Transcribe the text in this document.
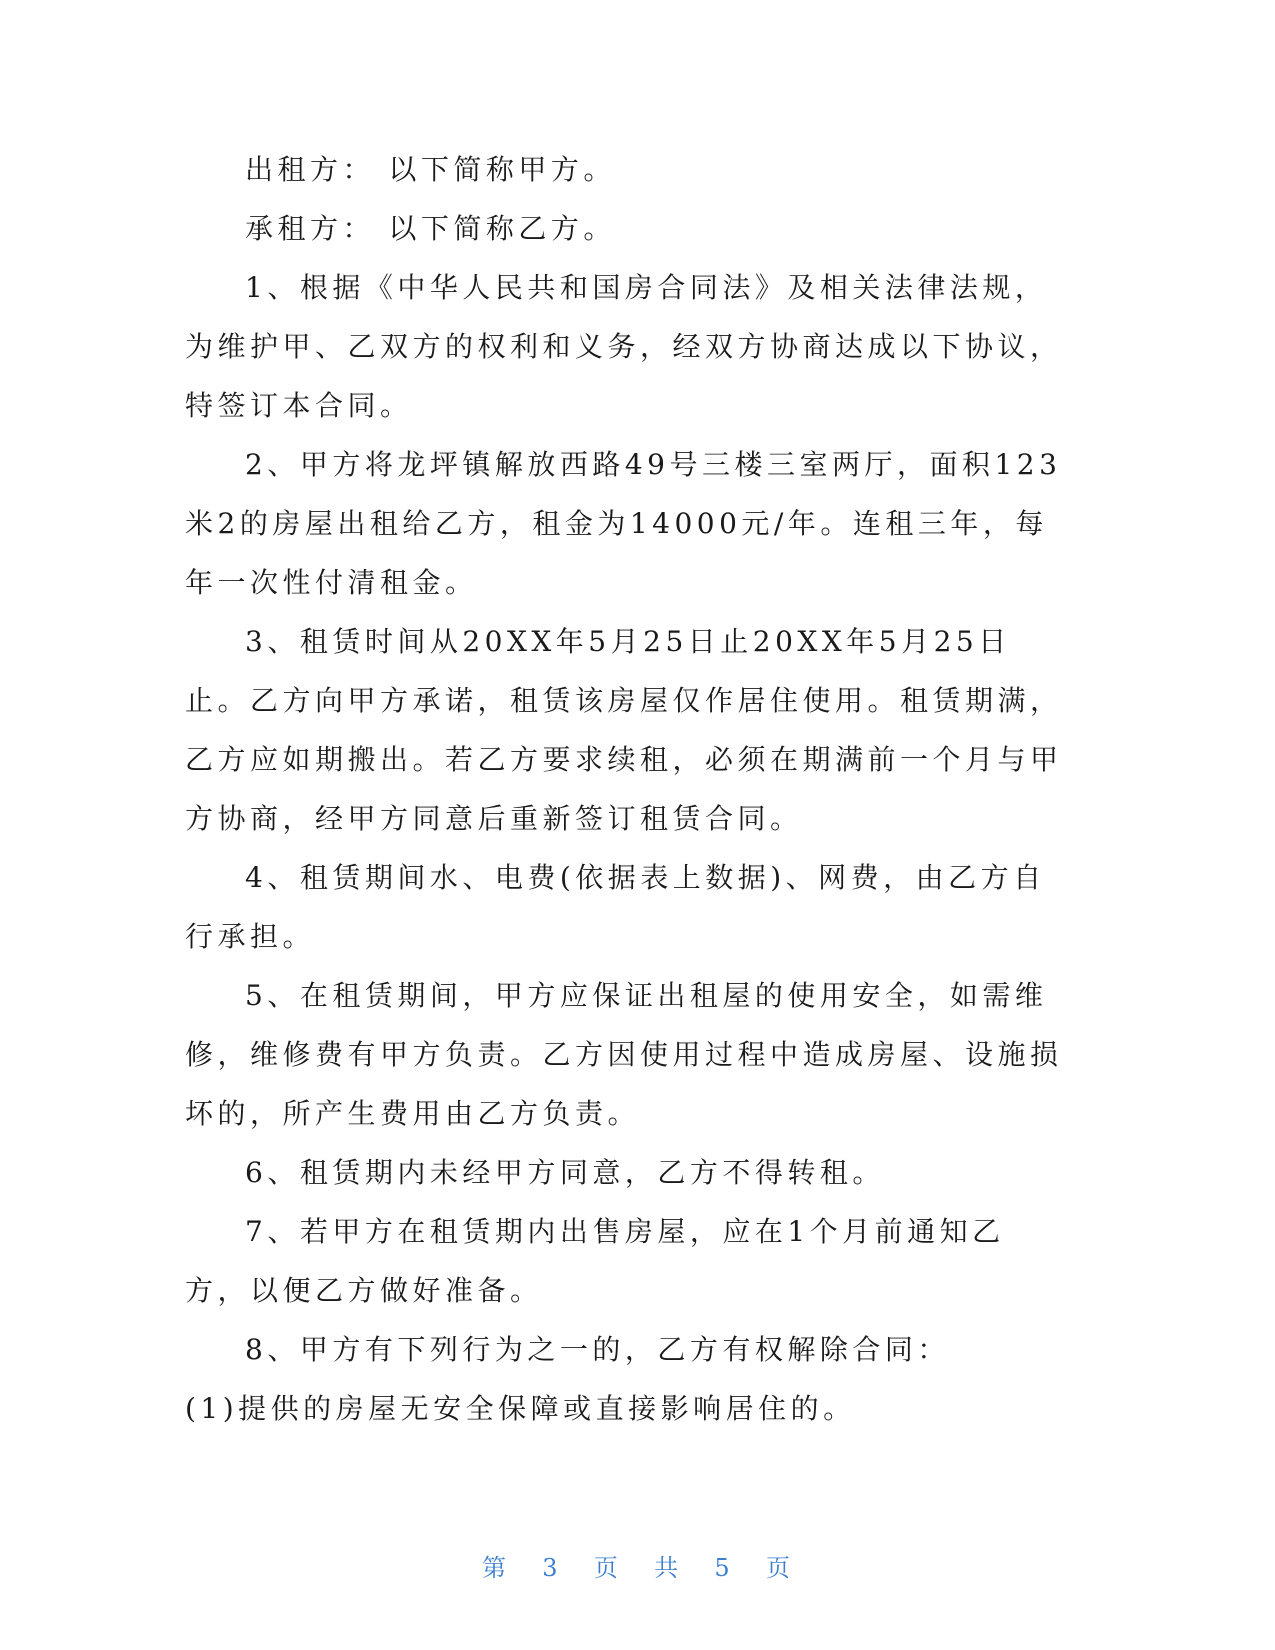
出租方： 以下简称甲方。

承租方： 以下简称乙方。

1、根据《中华人民共和国房合同法》及相关法律法规，为维护甲、乙双方的权利和义务，经双方协商达成以下协议，特签订本合同。

2、甲方将龙坪镇解放西路49号三楼三室两厅，面积123米2的房屋出租给乙方，租金为14000元/年。连租三年，每年一次性付清租金。

3、租赁时间从20XX年5月25日止20XX年5月25日止。乙方向甲方承诺，租赁该房屋仅作居住使用。租赁期满，乙方应如期搬出。若乙方要求续租，必须在期满前一个月与甲方协商，经甲方同意后重新签订租赁合同。

4、租赁期间水、电费(依据表上数据)、网费，由乙方自行承担。

5、在租赁期间，甲方应保证出租屋的使用安全，如需维修，维修费有甲方负责。乙方因使用过程中造成房屋、设施损坏的，所产生费用由乙方负责。

6、租赁期内未经甲方同意，乙方不得转租。

7、若甲方在租赁期内出售房屋，应在1个月前通知乙方，以便乙方做好准备。

8、甲方有下列行为之一的，乙方有权解除合同：

(1)提供的房屋无安全保障或直接影响居住的。

第 3 页 共 5 页
